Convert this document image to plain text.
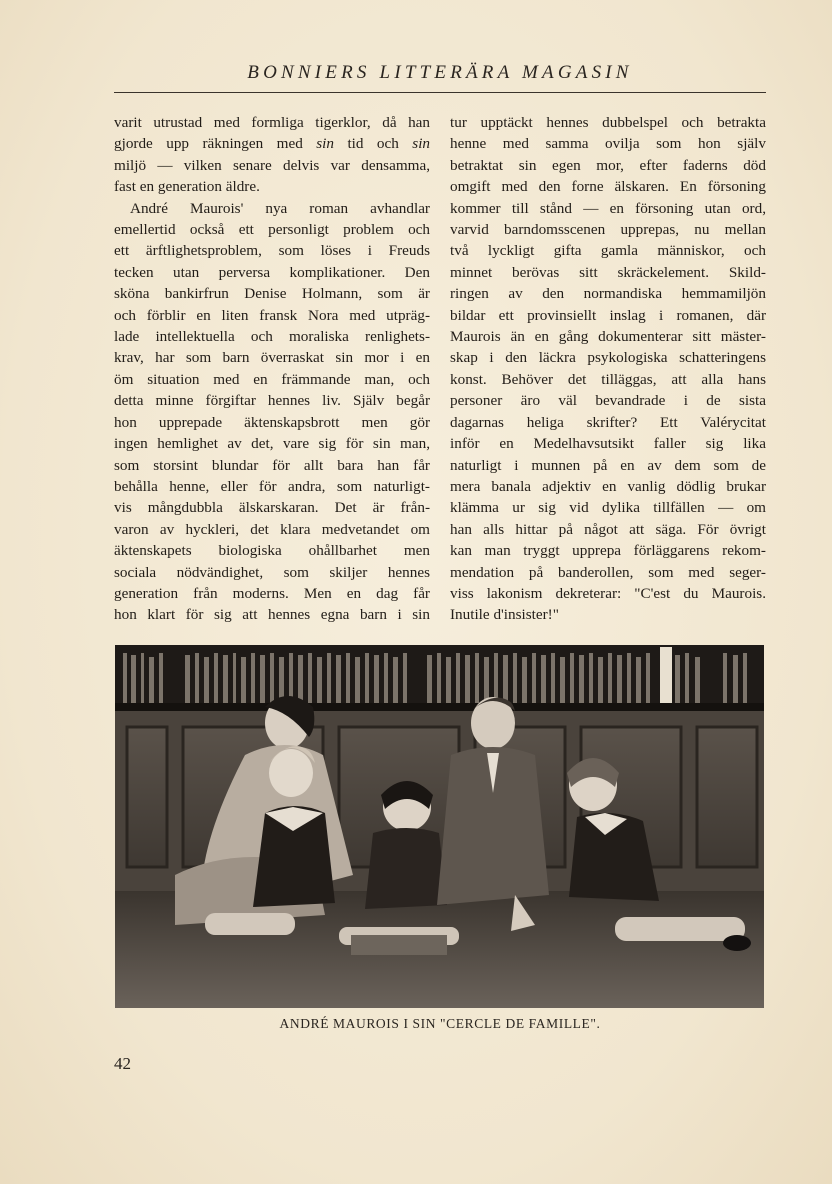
BONNIERS LITTERÄRA MAGASIN
varit utrustad med formliga tigerklor, då han
gjorde upp räkningen med sin tid och sin
miljö — vilken senare delvis var densamma,
fast en generation äldre.
André Maurois' nya roman avhandlar
emellertid också ett personligt problem och
ett ärftlighetsproblem, som löses i Freuds
tecken utan perversa komplikationer. Den
sköna bankirfrun Denise Holmann, som är
och förblir en liten fransk Nora med utpräg-
lade intellektuella och moraliska renlighets-
krav, har som barn överraskat sin mor i en
öm situation med en främmande man, och
detta minne förgiftar hennes liv. Själv begår
hon upprepade äktenskapsbrott men gör
ingen hemlighet av det, vare sig för sin man,
som storsint blundar för allt bara han får
behålla henne, eller för andra, som naturligt-
vis mångdubbla älskarskaran. Det är från-
varon av hyckleri, det klara medvetandet om
äktenskapets biologiska ohållbarhet men
sociala nödvändighet, som skiljer hennes
generation från moderns. Men en dag får
hon klart för sig att hennes egna barn i sin
tur upptäckt hennes dubbelspel och betrakta
henne med samma ovilja som hon själv
betraktat sin egen mor, efter faderns död
omgift med den forne älskaren. En försoning
kommer till stånd — en försoning utan ord,
varvid barndomsscenen upprepas, nu mellan
två lyckligt gifta gamla människor, och
minnet berövas sitt skräckelement. Skild-
ringen av den normandiska hemmamiljön
bildar ett provinsiellt inslag i romanen, där
Maurois än en gång dokumenterar sitt mäster-
skap i den läckra psykologiska schatteringens
konst. Behöver det tilläggas, att alla hans
personer äro väl bevandrade i de sista
dagarnas heliga skrifter? Ett Valérycitat
inför en Medelhavsutsikt faller sig lika
naturligt i munnen på en av dem som de
mera banala adjektiv en vanlig dödlig brukar
klämma ur sig vid dylika tillfällen — om
han alls hittar på något att säga. För övrigt
kan man tryggt upprepa förläggarens rekom-
mendation på banderollen, som med seger-
viss lakonism dekreterar: "C'est du Maurois.
Inutile d'insister!"
ANDRÉ MAUROIS I SIN "CERCLE DE FAMILLE".
42
